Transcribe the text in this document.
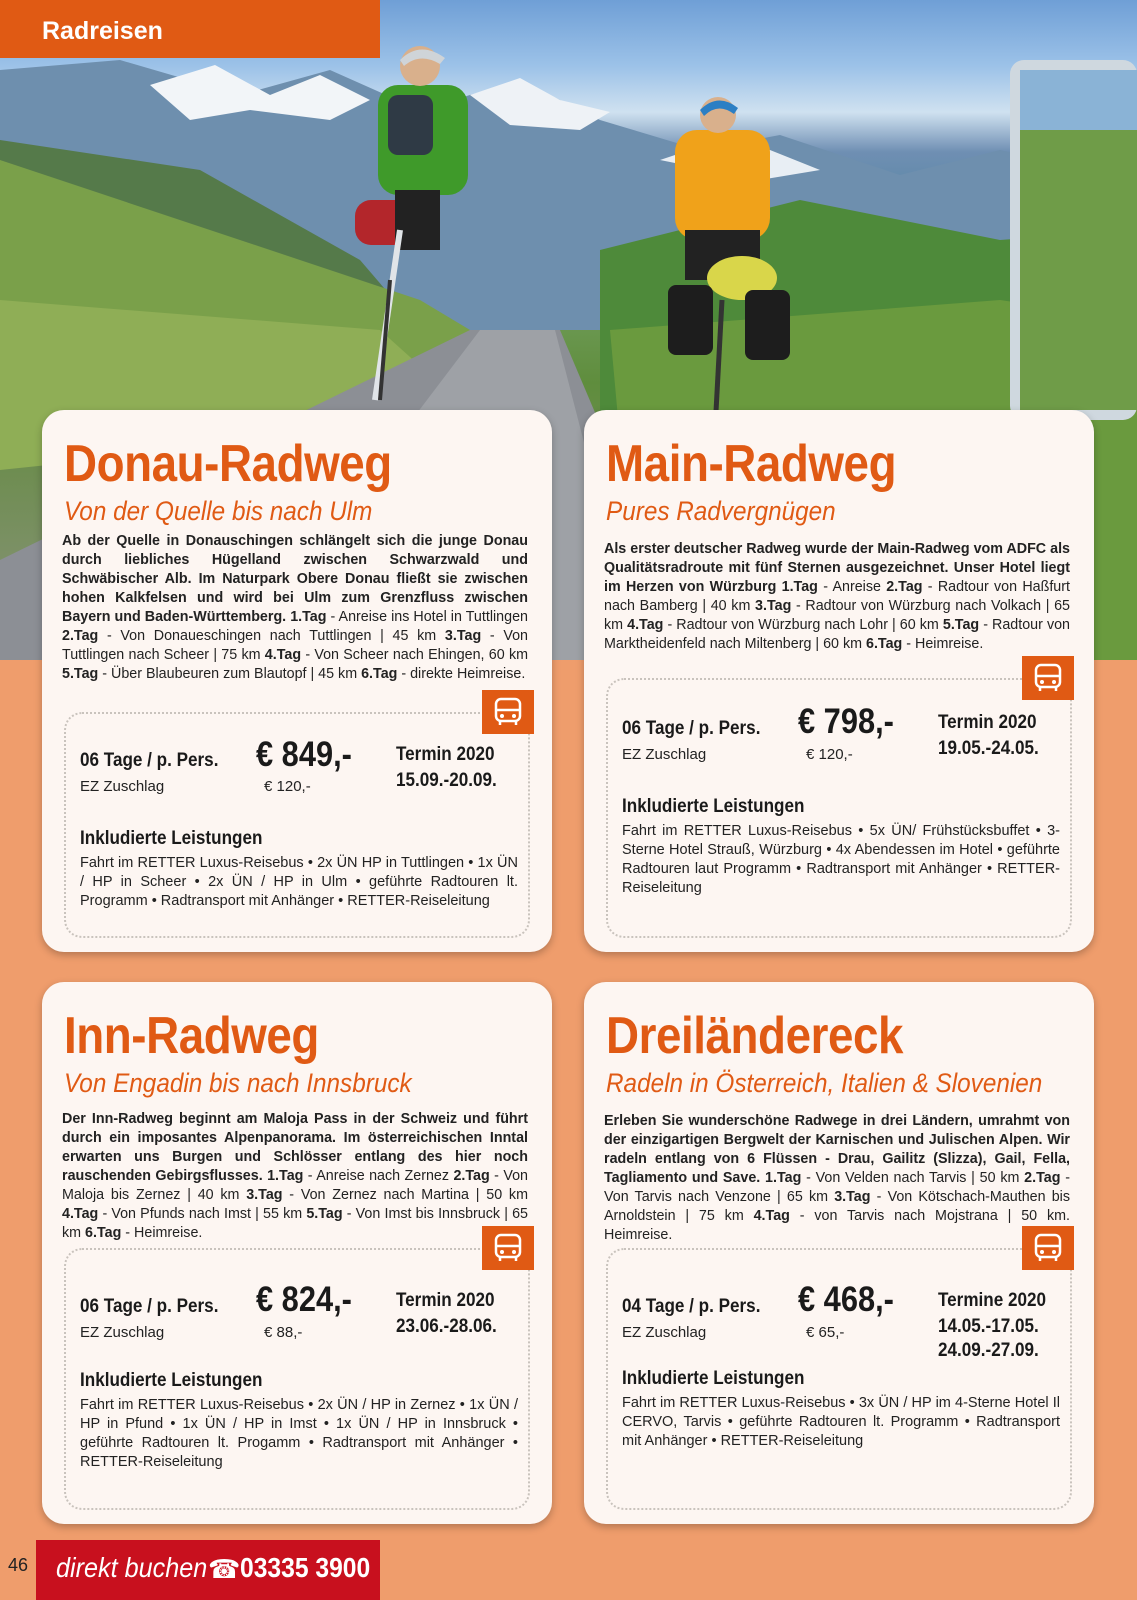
Radreisen
Donau-Radweg

Von der Quelle bis nach Ulm

Ab der Quelle in Donauschingen schlängelt sich die junge Donau durch liebliches Hügelland zwischen Schwarzwald und Schwäbischer Alb. Im Naturpark Obere Donau fließt sie zwischen hohen Kalkfelsen und wird bei Ulm zum Grenzfluss zwischen Bayern und Baden-Württemberg. 1.Tag - Anreise ins Hotel in Tuttlingen 2.Tag - Von Donaueschingen nach Tuttlingen | 45 km 3.Tag - Von Tuttlingen nach Scheer | 75 km 4.Tag - Von Scheer nach Ehingen, 60 km 5.Tag - Über Blaubeuren zum Blautopf | 45 km 6.Tag - direkte Heimreise.
06 Tage / p. Pers.
EZ Zuschlag
€ 849,-
€ 120,-
Termin 2020
15.09.-20.09.
Inkludierte Leistungen
Fahrt im RETTER Luxus-Reisebus • 2x ÜN HP in Tuttlingen • 1x ÜN / HP in Scheer • 2x ÜN / HP in Ulm • geführte Radtouren lt. Programm • Radtransport mit Anhänger • RETTER-Reiseleitung
Main-Radweg

Pures Radvergnügen

Als erster deutscher Radweg wurde der Main-Radweg vom ADFC als Qualitätsradroute mit fünf Sternen ausgezeichnet. Unser Hotel liegt im Herzen von Würzburg 1.Tag - Anreise 2.Tag - Radtour von Haßfurt nach Bamberg | 40 km 3.Tag - Radtour von Würzburg nach Volkach | 65 km 4.Tag - Radtour von Würzburg nach Lohr | 60 km 5.Tag - Radtour von Marktheidenfeld nach Miltenberg | 60 km 6.Tag - Heimreise.
06 Tage / p. Pers.
EZ Zuschlag
€ 798,-
€ 120,-
Termin 2020
19.05.-24.05.
Inkludierte Leistungen
Fahrt im RETTER Luxus-Reisebus • 5x ÜN/ Frühstücksbuffet • 3-Sterne Hotel Strauß, Würzburg • 4x Abendessen im Hotel • geführte Radtouren laut Programm • Radtransport mit Anhänger • RETTER-Reiseleitung
Inn-Radweg

Von Engadin bis nach Innsbruck

Der Inn-Radweg beginnt am Maloja Pass in der Schweiz und führt durch ein imposantes Alpenpanorama. Im österreichischen Inntal erwarten uns Burgen und Schlösser entlang des hier noch rauschenden Gebirgsflusses. 1.Tag - Anreise nach Zernez 2.Tag - Von Maloja bis Zernez | 40 km 3.Tag - Von Zernez nach Martina | 50 km 4.Tag - Von Pfunds nach Imst | 55 km 5.Tag - Von Imst bis Innsbruck | 65 km 6.Tag - Heimreise.
06 Tage / p. Pers.
EZ Zuschlag
€ 824,-
€ 88,-
Termin 2020
23.06.-28.06.
Inkludierte Leistungen
Fahrt im RETTER Luxus-Reisebus • 2x ÜN / HP in Zernez • 1x ÜN / HP in Pfund • 1x ÜN / HP in Imst • 1x ÜN / HP in Innsbruck • geführte Radtouren lt. Progamm • Radtransport mit Anhänger • RETTER-Reiseleitung
Dreiländereck

Radeln in Österreich, Italien & Slovenien

Erleben Sie wunderschöne Radwege in drei Ländern, umrahmt von der einzigartigen Bergwelt der Karnischen und Julischen Alpen. Wir radeln entlang von 6 Flüssen - Drau, Gailitz (Slizza), Gail, Fella, Tagliamento und Save. 1.Tag - Von Velden nach Tarvis | 50 km 2.Tag - Von Tarvis nach Venzone | 65 km 3.Tag - Von Kötschach-Mauthen bis Arnoldstein | 75 km 4.Tag - von Tarvis nach Mojstrana | 50 km. Heimreise.
04 Tage / p. Pers.
EZ Zuschlag
€ 468,-
€ 65,-
Termine 2020
14.05.-17.05.
24.09.-27.09.
Inkludierte Leistungen
Fahrt im RETTER Luxus-Reisebus • 3x ÜN / HP im 4-Sterne Hotel Il CERVO, Tarvis • geführte Radtouren lt. Programm • Radtransport mit Anhänger • RETTER-Reiseleitung
46 direkt buchen ☎ 03335 3900
